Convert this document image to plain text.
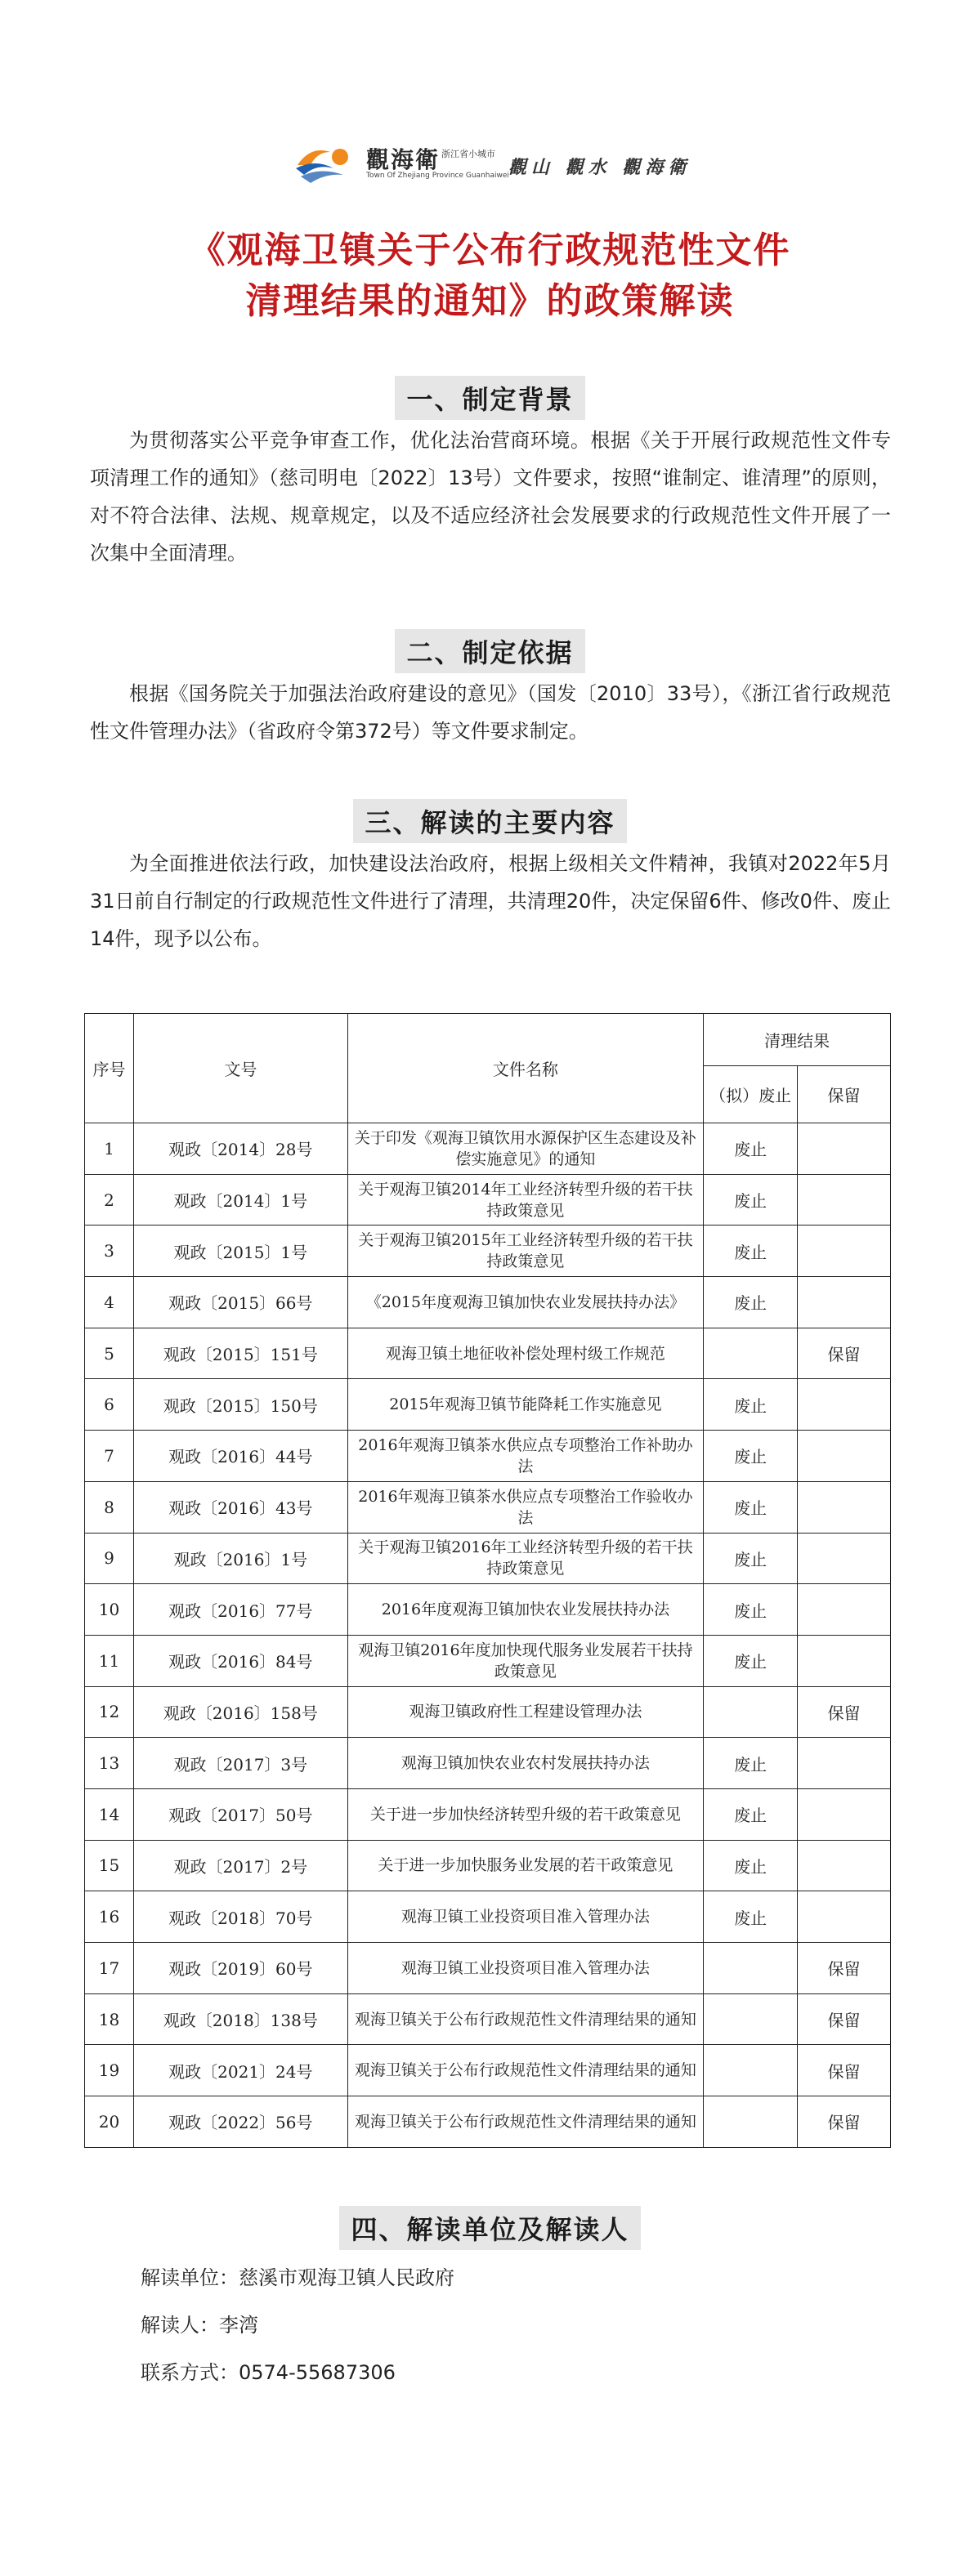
觀海衛 浙江省小城市
Town Of Zhejiang Province Guanhaiwei 觀山 觀水 觀海衛
《观海卫镇关于公布行政规范性文件
清理结果的通知》的政策解读
一、制定背景

为贯彻落实公平竞争审查工作，优化法治营商环境。根据《关于开展行政规范性文件专项清理工作的通知》（慈司明电〔2022〕13号）文件要求，按照“谁制定、谁清理”的原则，对不符合法律、法规、规章规定，以及不适应经济社会发展要求的行政规范性文件开展了一次集中全面清理。

二、制定依据

根据《国务院关于加强法治政府建设的意见》（国发〔2010〕33号），《浙江省行政规范性文件管理办法》（省政府令第372号）等文件要求制定。

三、解读的主要内容

为全面推进依法行政，加快建设法治政府，根据上级相关文件精神，我镇对2022年5月31日前自行制定的行政规范性文件进行了清理，共清理20件，决定保留6件、修改0件、废止14件，现予以公布。

序号	文号	文件名称	清理结果	
			（拟）废止	保留
1	观政〔2014〕28号	关于印发《观海卫镇饮用水源保护区生态建设及补偿实施意见》的通知	废止	
2	观政〔2014〕1号	关于观海卫镇2014年工业经济转型升级的若干扶持政策意见	废止	
3	观政〔2015〕1号	关于观海卫镇2015年工业经济转型升级的若干扶持政策意见	废止	
4	观政〔2015〕66号	《2015年度观海卫镇加快农业发展扶持办法》	废止	
5	观政〔2015〕151号	观海卫镇土地征收补偿处理村级工作规范		保留
6	观政〔2015〕150号	2015年观海卫镇节能降耗工作实施意见	废止	
7	观政〔2016〕44号	2016年观海卫镇茶水供应点专项整治工作补助办法	废止	
8	观政〔2016〕43号	2016年观海卫镇茶水供应点专项整治工作验收办法	废止	
9	观政〔2016〕1号	关于观海卫镇2016年工业经济转型升级的若干扶持政策意见	废止	
10	观政〔2016〕77号	2016年度观海卫镇加快农业发展扶持办法	废止	
11	观政〔2016〕84号	观海卫镇2016年度加快现代服务业发展若干扶持政策意见	废止	
12	观政〔2016〕158号	观海卫镇政府性工程建设管理办法		保留
13	观政〔2017〕3号	观海卫镇加快农业农村发展扶持办法	废止	
14	观政〔2017〕50号	关于进一步加快经济转型升级的若干政策意见	废止	
15	观政〔2017〕2号	关于进一步加快服务业发展的若干政策意见	废止	
16	观政〔2018〕70号	观海卫镇工业投资项目准入管理办法	废止	
17	观政〔2019〕60号	观海卫镇工业投资项目准入管理办法		保留
18	观政〔2018〕138号	观海卫镇关于公布行政规范性文件清理结果的通知		保留
19	观政〔2021〕24号	观海卫镇关于公布行政规范性文件清理结果的通知		保留
20	观政〔2022〕56号	观海卫镇关于公布行政规范性文件清理结果的通知		保留
四、解读单位及解读人
解读单位：慈溪市观海卫镇人民政府
解读人：李湾
联系方式：0574-55687306
